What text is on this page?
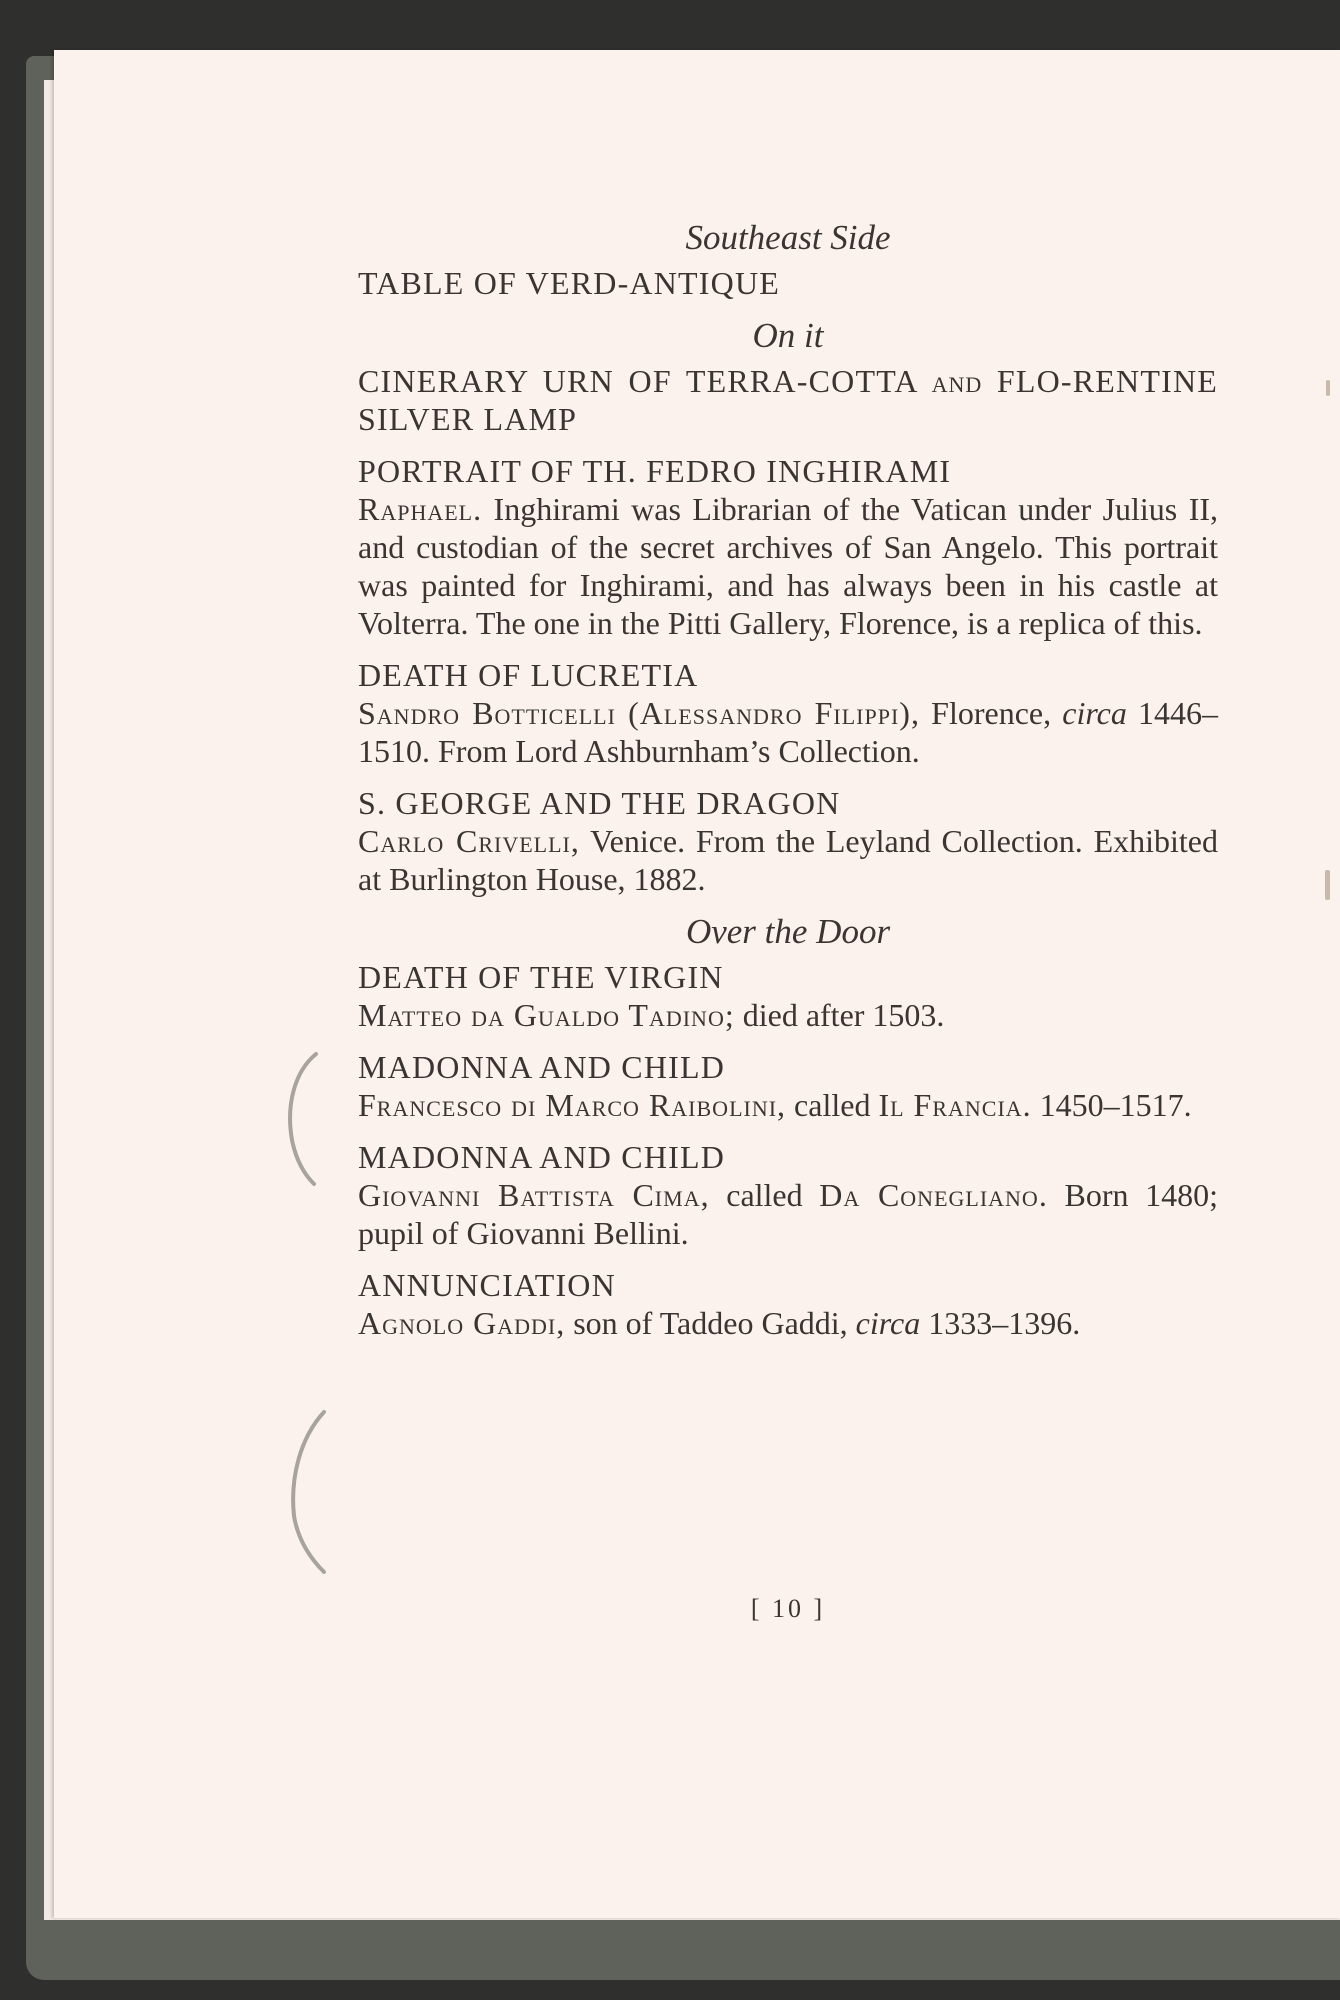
Southeast Side
TABLE OF VERD-ANTIQUE
On it
CINERARY URN OF TERRA-COTTA and FLO-RENTINE SILVER LAMP
PORTRAIT OF TH. FEDRO INGHIRAMI
Raphael. Inghirami was Librarian of the Vatican under Julius II, and custodian of the secret archives of San Angelo. This portrait was painted for Inghirami, and has always been in his castle at Volterra. The one in the Pitti Gallery, Florence, is a replica of this.
DEATH OF LUCRETIA
Sandro Botticelli (Alessandro Filippi), Florence, circa 1446–1510. From Lord Ashburnham’s Collection.
S. GEORGE AND THE DRAGON
Carlo Crivelli, Venice. From the Leyland Collection. Exhibited at Burlington House, 1882.
Over the Door
DEATH OF THE VIRGIN
Matteo da Gualdo Tadino; died after 1503.
MADONNA AND CHILD
Francesco di Marco Raibolini, called Il Francia. 1450–1517.
MADONNA AND CHILD
Giovanni Battista Cima, called Da Conegliano. Born 1480; pupil of Giovanni Bellini.
ANNUNCIATION
Agnolo Gaddi, son of Taddeo Gaddi, circa 1333–1396.
[ 10 ]
